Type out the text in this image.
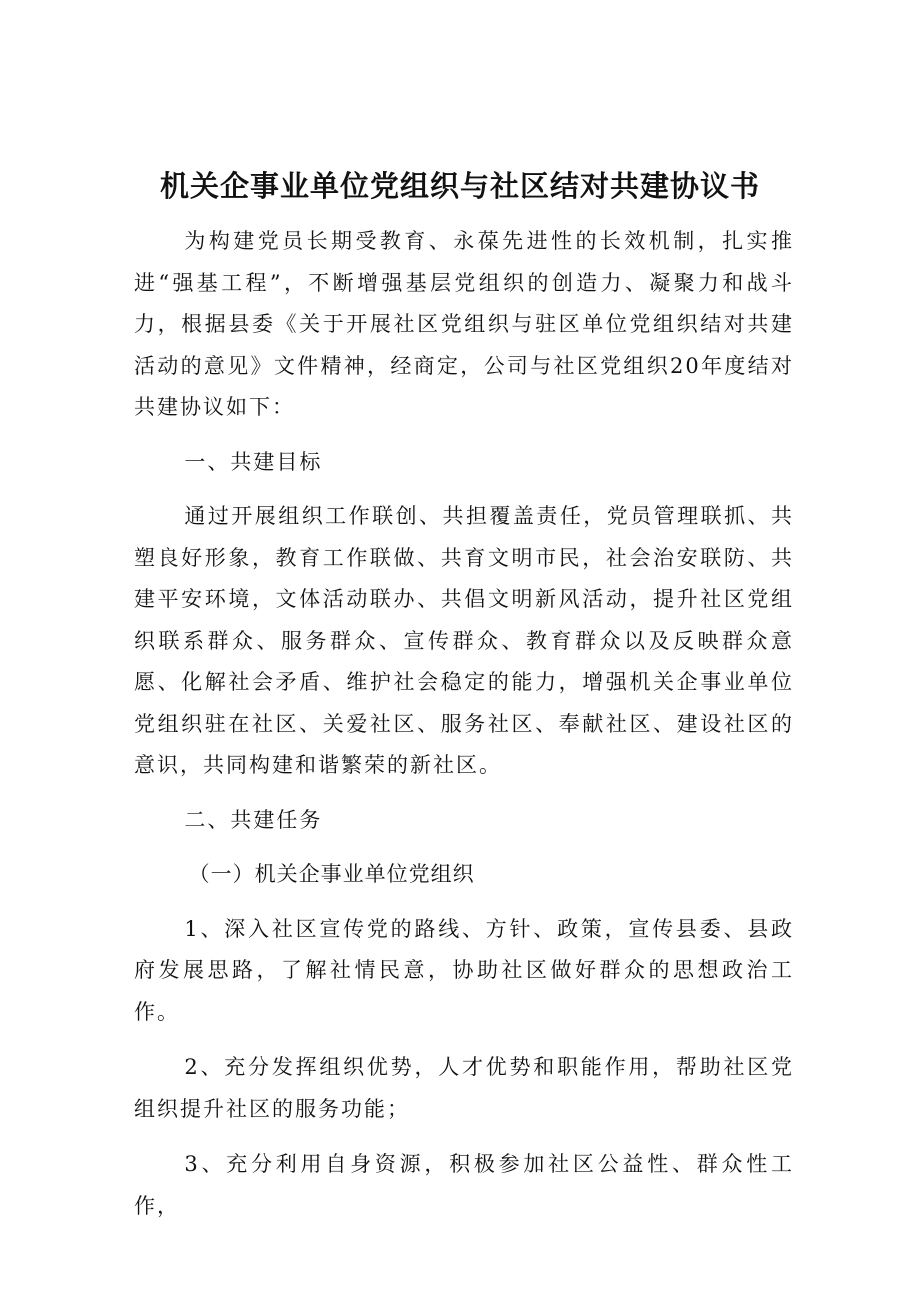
机关企事业单位党组织与社区结对共建协议书

为构建党员长期受教育、永葆先进性的长效机制，扎实推进“强基工程”，不断增强基层党组织的创造力、凝聚力和战斗力，根据县委《关于开展社区党组织与驻区单位党组织结对共建活动的意见》文件精神，经商定，公司与社区党组织20年度结对共建协议如下：

一、共建目标

通过开展组织工作联创、共担覆盖责任，党员管理联抓、共塑良好形象，教育工作联做、共育文明市民，社会治安联防、共建平安环境，文体活动联办、共倡文明新风活动，提升社区党组织联系群众、服务群众、宣传群众、教育群众以及反映群众意愿、化解社会矛盾、维护社会稳定的能力，增强机关企事业单位党组织驻在社区、关爱社区、服务社区、奉献社区、建设社区的意识，共同构建和谐繁荣的新社区。

二、共建任务

（一）机关企事业单位党组织

1、深入社区宣传党的路线、方针、政策，宣传县委、县政府发展思路，了解社情民意，协助社区做好群众的思想政治工作。

2、充分发挥组织优势，人才优势和职能作用，帮助社区党组织提升社区的服务功能；

3、充分利用自身资源，积极参加社区公益性、群众性工作，
